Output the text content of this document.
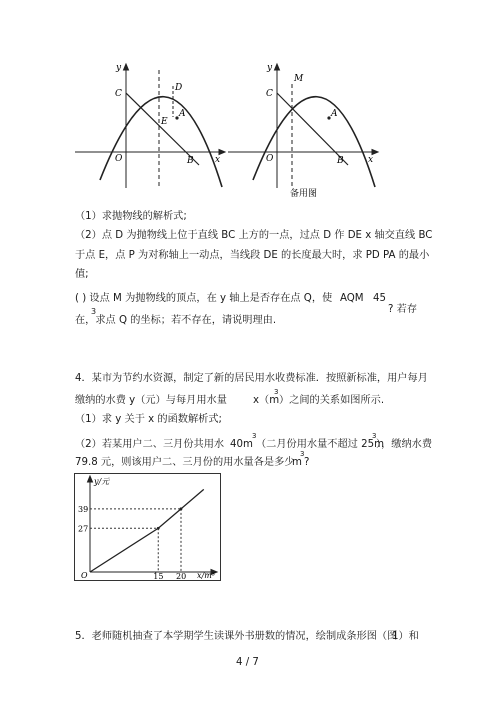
y
x
C
D
E
A
O	B
y
x
M
C
A
O	B
备用图
（1）求抛物线的解析式;
（2）点 D 为抛物线上位于直线 BC 上方的一点，过点 D 作 DE x 轴交直线 BC
于点 E，点 P 为对称轴上一动点，当线段 DE 的长度最大时，求 PD PA 的最小
值;
( ) 设点 M 为抛物线的顶点，在 y 轴上是否存在点 Q，使 AQM 45
3	? 若存
在，求点 Q 的坐标；若不存在，请说明理由.
4．某市为节约水资源，制定了新的居民用水收费标准．按照新标准，用户每月
缴纳的水费 y（元）与每月用水量	x（m
3
）之间的关系如图所示.
（1）求 y 关于 x 的函数解析式;
（2）若某用户二、三月份共用水 40m
3
（二月份用水量不超过 25m
3
），缴纳水费
79.8 元，则该用户二、三月份的用水量各是多少
m
3
?
15 20
27
39
y/元
x/m³
O
5．老师随机抽查了本学期学生读课外书册数的情况，绘制成条形图（图
1）和
4 / 7
